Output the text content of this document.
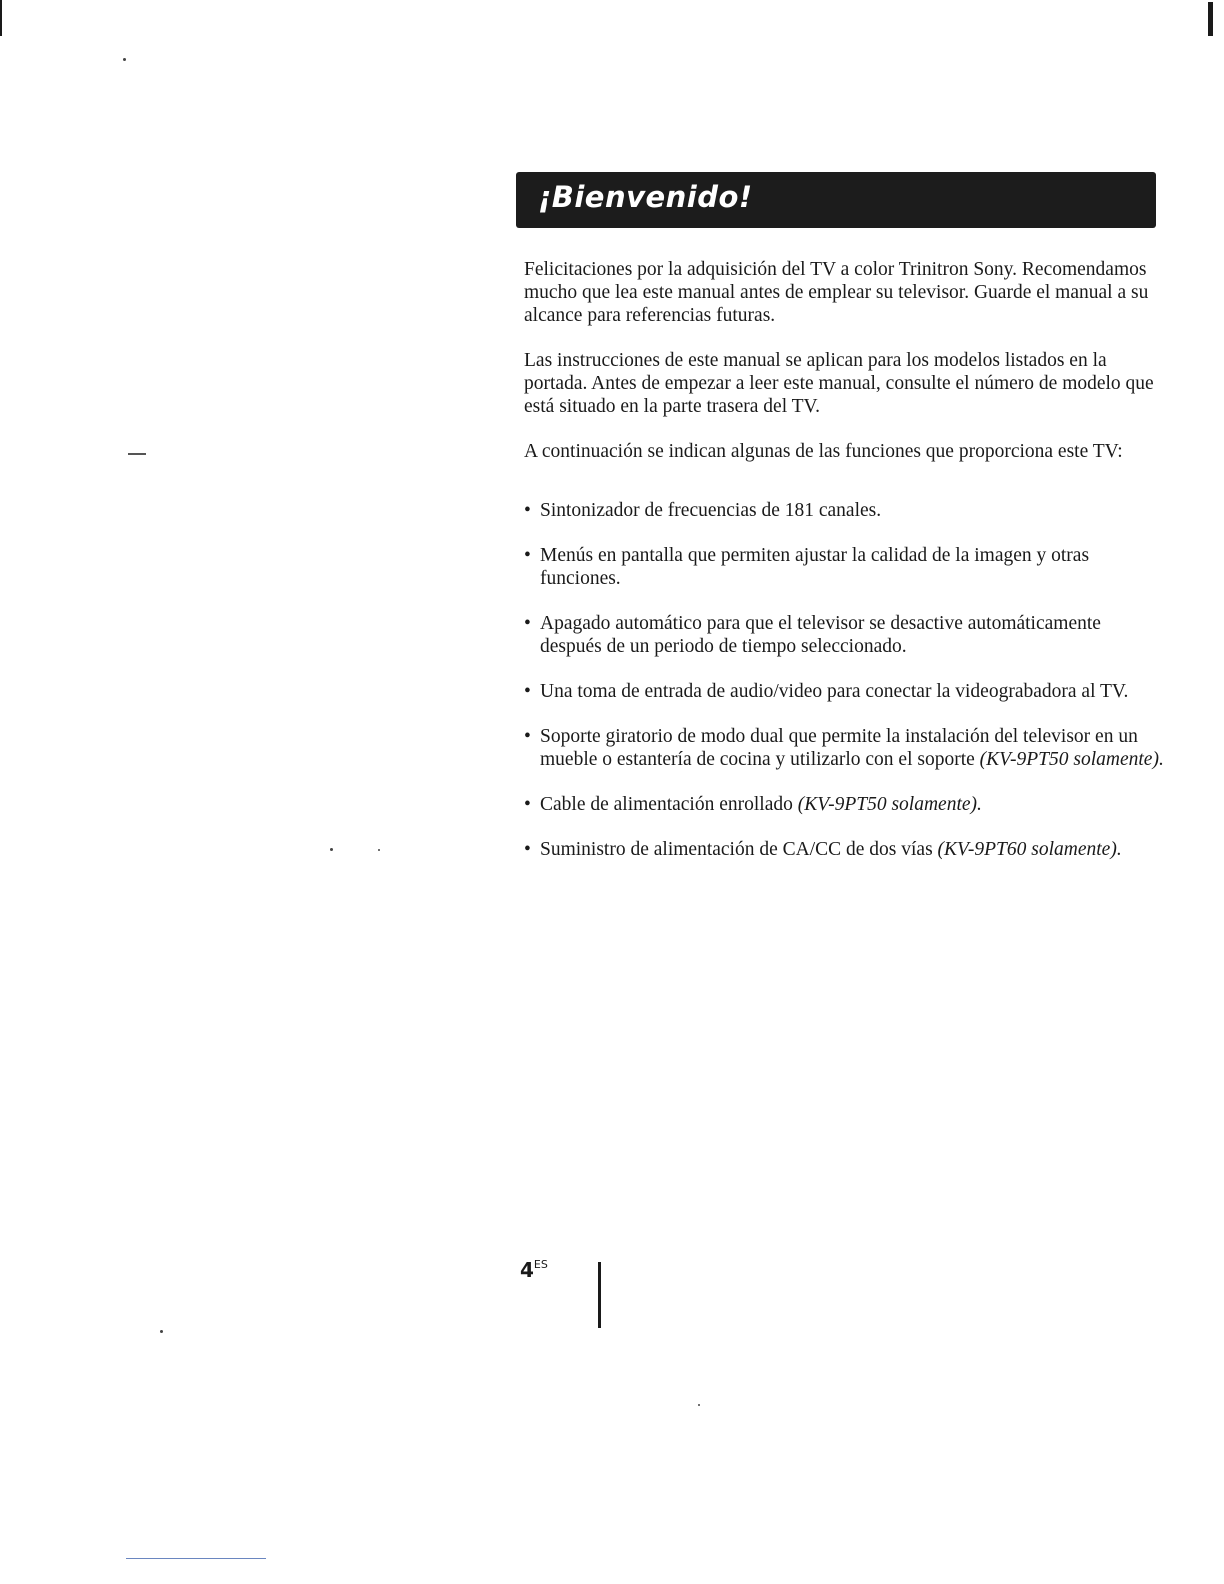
¡Bienvenido!

Felicitaciones por la adquisición del TV a color Trinitron Sony. Recomendamos mucho que lea este manual antes de emplear su televisor. Guarde el manual a su alcance para referencias futuras.

Las instrucciones de este manual se aplican para los modelos listados en la portada. Antes de empezar a leer este manual, consulte el número de modelo que está situado en la parte trasera del TV.

A continuación se indican algunas de las funciones que proporciona este TV:

• Sintonizador de frecuencias de 181 canales.
• Menús en pantalla que permiten ajustar la calidad de la imagen y otras funciones.
• Apagado automático para que el televisor se desactive automáticamente después de un periodo de tiempo seleccionado.
• Una toma de entrada de audio/video para conectar la videograbadora al TV.
• Soporte giratorio de modo dual que permite la instalación del televisor en un mueble o estantería de cocina y utilizarlo con el soporte (KV-9PT50 solamente).
• Cable de alimentación enrollado (KV-9PT50 solamente).
• Suministro de alimentación de CA/CC de dos vías (KV-9PT60 solamente).
$4^{ES}$
